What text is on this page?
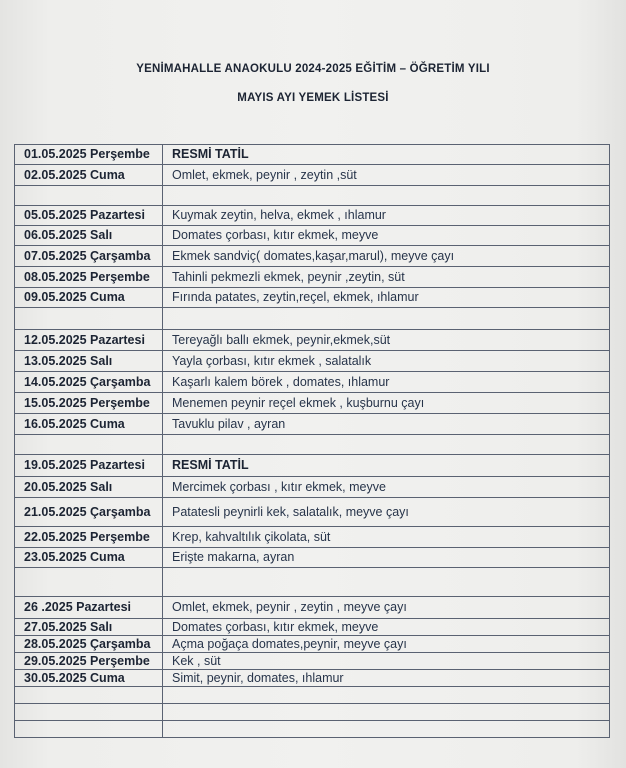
YENİMAHALLE ANAOKULU 2024-2025 EĞİTİM – ÖĞRETİM YILI
MAYIS AYI YEMEK LİSTESİ
01.05.2025 Perşembe	RESMİ TATİL
02.05.2025 Cuma	Omlet, ekmek, peynir , zeytin ,süt

05.05.2025 Pazartesi	Kuymak zeytin, helva, ekmek , ıhlamur
06.05.2025 Salı	Domates çorbası, kıtır ekmek, meyve
07.05.2025 Çarşamba	Ekmek sandviç( domates,kaşar,marul), meyve çayı
08.05.2025 Perşembe	Tahinli pekmezli ekmek, peynir ,zeytin, süt
09.05.2025 Cuma	Fırında patates, zeytin,reçel, ekmek, ıhlamur

12.05.2025 Pazartesi	Tereyağlı ballı ekmek, peynir,ekmek,süt
13.05.2025 Salı	Yayla çorbası, kıtır ekmek , salatalık
14.05.2025 Çarşamba	Kaşarlı kalem börek , domates, ıhlamur
15.05.2025 Perşembe	Menemen peynir reçel ekmek , kuşburnu çayı
16.05.2025 Cuma	Tavuklu pilav , ayran

19.05.2025 Pazartesi	RESMİ TATİL
20.05.2025 Salı	Mercimek çorbası , kıtır ekmek, meyve
21.05.2025 Çarşamba	Patatesli peynirli kek, salatalık, meyve çayı
22.05.2025 Perşembe	Krep, kahvaltılık çikolata, süt
23.05.2025 Cuma	Erişte makarna, ayran

26 .2025 Pazartesi	Omlet, ekmek, peynir , zeytin , meyve çayı
27.05.2025 Salı	Domates çorbası, kıtır ekmek, meyve
28.05.2025 Çarşamba	Açma poğaça domates,peynir, meyve çayı
29.05.2025 Perşembe	Kek , süt
30.05.2025 Cuma	Simit, peynir, domates, ıhlamur
